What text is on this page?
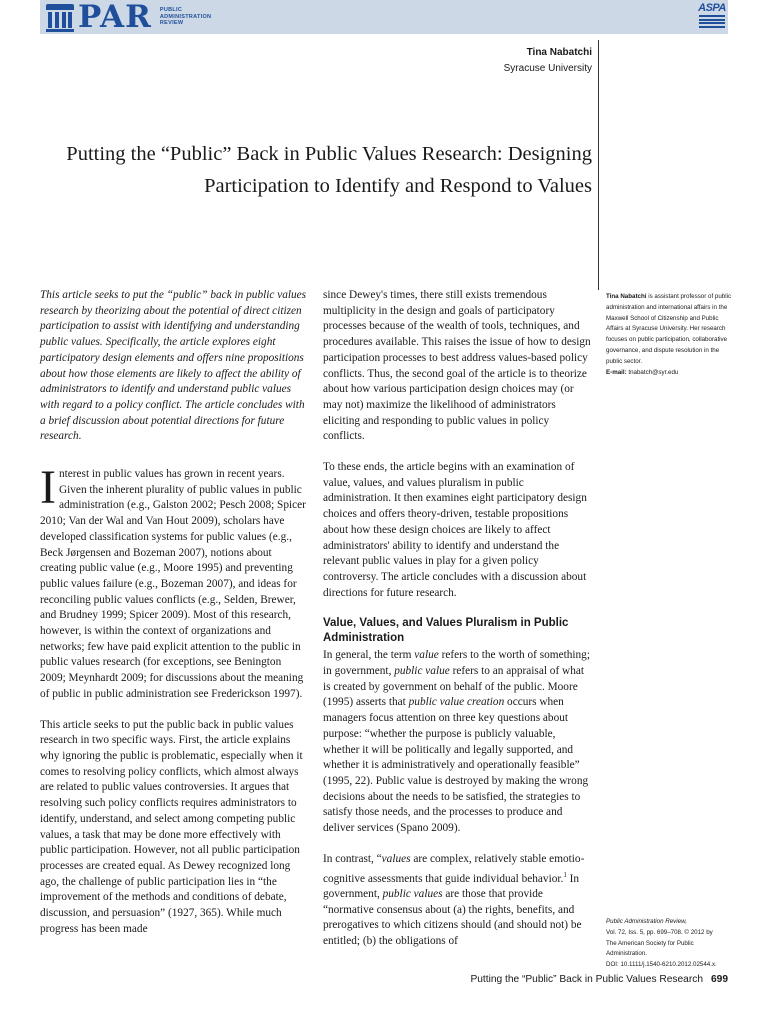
PAR PUBLIC
ADMINISTRATION
REVIEW
ASPA
Tina Nabatchi
Syracuse University
Putting the “Public” Back in Public Values Research: Designing
Participation to Identify and Respond to Values

This article seeks to put the “public” back in public values research by theorizing about the potential of direct citizen participation to assist with identifying and understanding public values. Specifically, the article explores eight participatory design elements and offers nine propositions about how those elements are likely to affect the ability of administrators to identify and understand public values with regard to a policy conflict. The article concludes with a brief discussion about potential directions for future research.

Interest in public values has grown in recent years. Given the inherent plurality of public values in public administration (e.g., Galston 2002; Pesch 2008; Spicer 2010; Van der Wal and Van Hout 2009), scholars have developed classification systems for public values (e.g., Beck Jørgensen and Bozeman 2007), notions about creating public value (e.g., Moore 1995) and preventing public values failure (e.g., Bozeman 2007), and ideas for reconciling public values conflicts (e.g., Selden, Brewer, and Brudney 1999; Spicer 2009). Most of this research, however, is within the context of organizations and networks; few have paid explicit attention to the public in public values research (for exceptions, see Benington 2009; Meynhardt 2009; for discussions about the meaning of public in public administration see Frederickson 1997).

This article seeks to put the public back in public values research in two specific ways. First, the article explains why ignoring the public is problematic, especially when it comes to resolving policy conflicts, which almost always are related to public values controversies. It argues that resolving such policy conflicts requires administrators to identify, understand, and select among competing public values, a task that may be done more effectively with public participation. However, not all public participation processes are created equal. As Dewey recognized long ago, the challenge of public participation lies in “the improvement of the methods and conditions of debate, discussion, and persuasion” (1927, 365). While much progress has been made

since Dewey's times, there still exists tremendous multiplicity in the design and goals of participatory processes because of the wealth of tools, techniques, and procedures available. This raises the issue of how to design participation processes to best address values-based policy conflicts. Thus, the second goal of the article is to theorize about how various participation design choices may (or may not) maximize the likelihood of administrators eliciting and responding to public values in policy conflicts.

To these ends, the article begins with an examination of value, values, and values pluralism in public administration. It then examines eight participatory design choices and offers theory-driven, testable propositions about how these design choices are likely to affect administrators' ability to identify and understand the relevant public values in play for a given policy controversy. The article concludes with a discussion about directions for future research.

Value, Values, and Values Pluralism in Public Administration

In general, the term value refers to the worth of something; in government, public value refers to an appraisal of what is created by government on behalf of the public. Moore (1995) asserts that public value creation occurs when managers focus attention on three key questions about purpose: “whether the purpose is publicly valuable, whether it will be politically and legally supported, and whether it is administratively and operationally feasible” (1995, 22). Public value is destroyed by making the wrong decisions about the needs to be satisfied, the strategies to satisfy those needs, and the processes to produce and deliver services (Spano 2009).

In contrast, “values are complex, relatively stable emotio-cognitive assessments that guide individual behavior.$^1$ In government, public values are those that provide “normative consensus about (a) the rights, benefits, and prerogatives to which citizens should (and should not) be entitled; (b) the obligations of

Tina Nabatchi is assistant professor of public administration and international affairs in the Maxwell School of Citizenship and Public Affairs at Syracuse University. Her research focuses on public participation, collaborative governance, and dispute resolution in the public sector.
E-mail: tnabatch@syr.edu
Public Administration Review,
Vol. 72, Iss. 5, pp. 699–708. © 2012 by
The American Society for Public Administration.
DOI: 10.1111/j.1540-6210.2012.02544.x.
Putting the “Public” Back in Public Values Research 699
